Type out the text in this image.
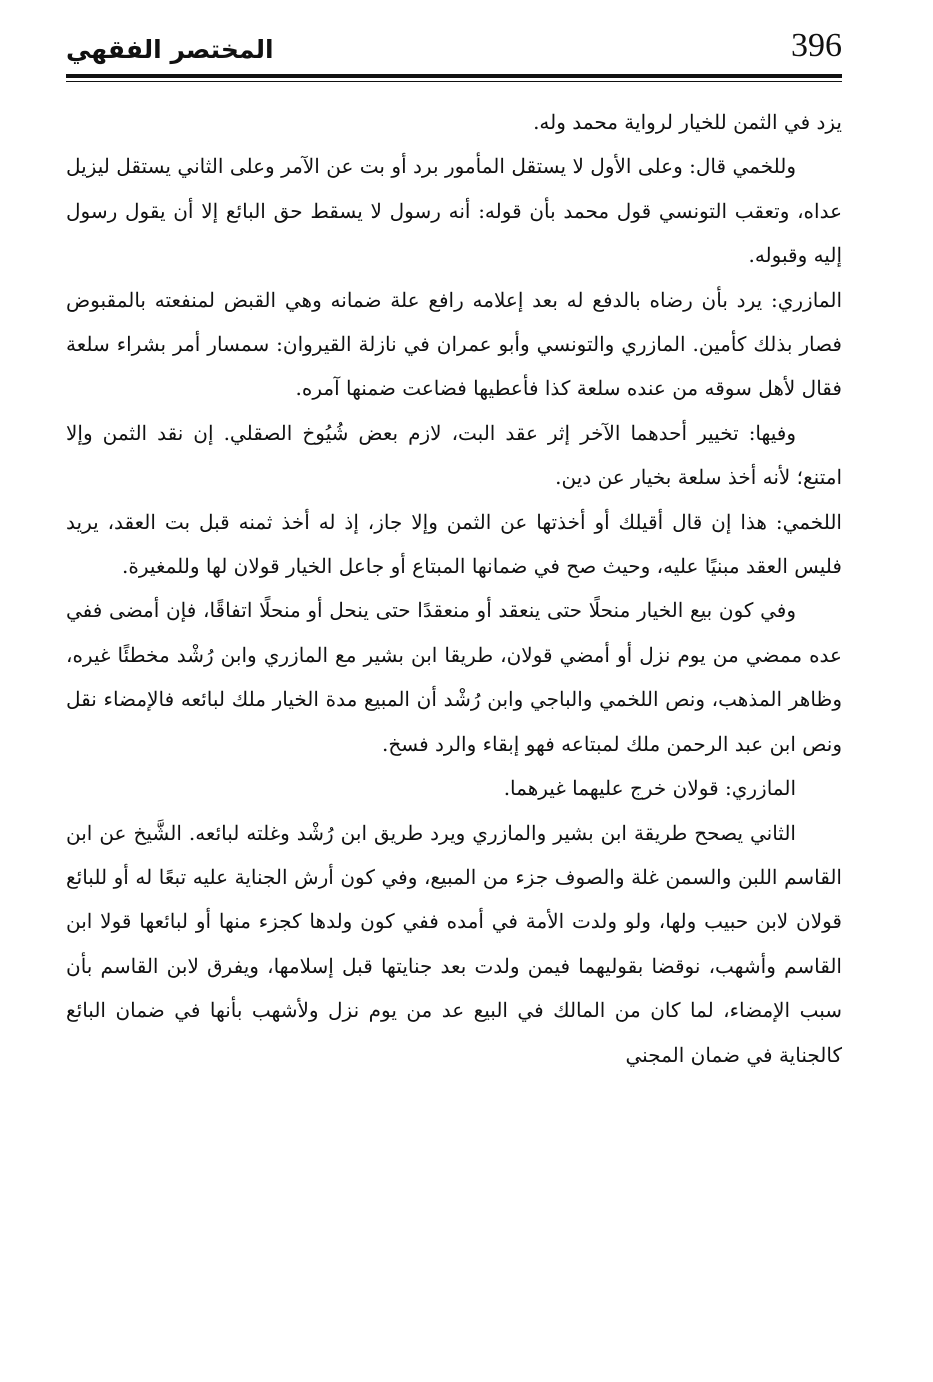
396
المختصر الفقهي

يزد في الثمن للخيار لرواية محمد وله.

وللخمي قال: وعلى الأول لا يستقل المأمور برد أو بت عن الآمر وعلى الثاني يستقل ليزيل عداه، وتعقب التونسي قول محمد بأن قوله: أنه رسول لا يسقط حق البائع إلا أن يقول رسول إليه وقبوله.

المازري: يرد بأن رضاه بالدفع له بعد إعلامه رافع علة ضمانه وهي القبض لمنفعته بالمقبوض فصار بذلك كأمين. المازري والتونسي وأبو عمران في نازلة القيروان: سمسار أمر بشراء سلعة فقال لأهل سوقه من عنده سلعة كذا فأعطيها فضاعت ضمنها آمره.

وفيها: تخيير أحدهما الآخر إثر عقد البت، لازم بعض شُيُوخ الصقلي. إن نقد الثمن وإلا امتنع؛ لأنه أخذ سلعة بخيار عن دين.

اللخمي: هذا إن قال أقيلك أو أخذتها عن الثمن وإلا جاز، إذ له أخذ ثمنه قبل بت العقد، يريد فليس العقد مبنيًا عليه، وحيث صح في ضمانها المبتاع أو جاعل الخيار قولان لها وللمغيرة.

وفي كون بيع الخيار منحلًا حتى ينعقد أو منعقدًا حتى ينحل أو منحلًا اتفاقًا، فإن أمضى ففي عده ممضي من يوم نزل أو أمضي قولان، طريقا ابن بشير مع المازري وابن رُشْد مخطئًا غيره، وظاهر المذهب، ونص اللخمي والباجي وابن رُشْد أن المبيع مدة الخيار ملك لبائعه فالإمضاء نقل ونص ابن عبد الرحمن ملك لمبتاعه فهو إبقاء والرد فسخ.

المازري: قولان خرج عليهما غيرهما.

الثاني يصحح طريقة ابن بشير والمازري ويرد طريق ابن رُشْد وغلته لبائعه. الشَّيخ عن ابن القاسم اللبن والسمن غلة والصوف جزء من المبيع، وفي كون أرش الجناية عليه تبعًا له أو للبائع قولان لابن حبيب ولها، ولو ولدت الأمة في أمده ففي كون ولدها كجزء منها أو لبائعها قولا ابن القاسم وأشهب، نوقضا بقوليهما فيمن ولدت بعد جنايتها قبل إسلامها، ويفرق لابن القاسم بأن سبب الإمضاء، لما كان من المالك في البيع عد من يوم نزل ولأشهب بأنها في ضمان البائع كالجناية في ضمان المجني
